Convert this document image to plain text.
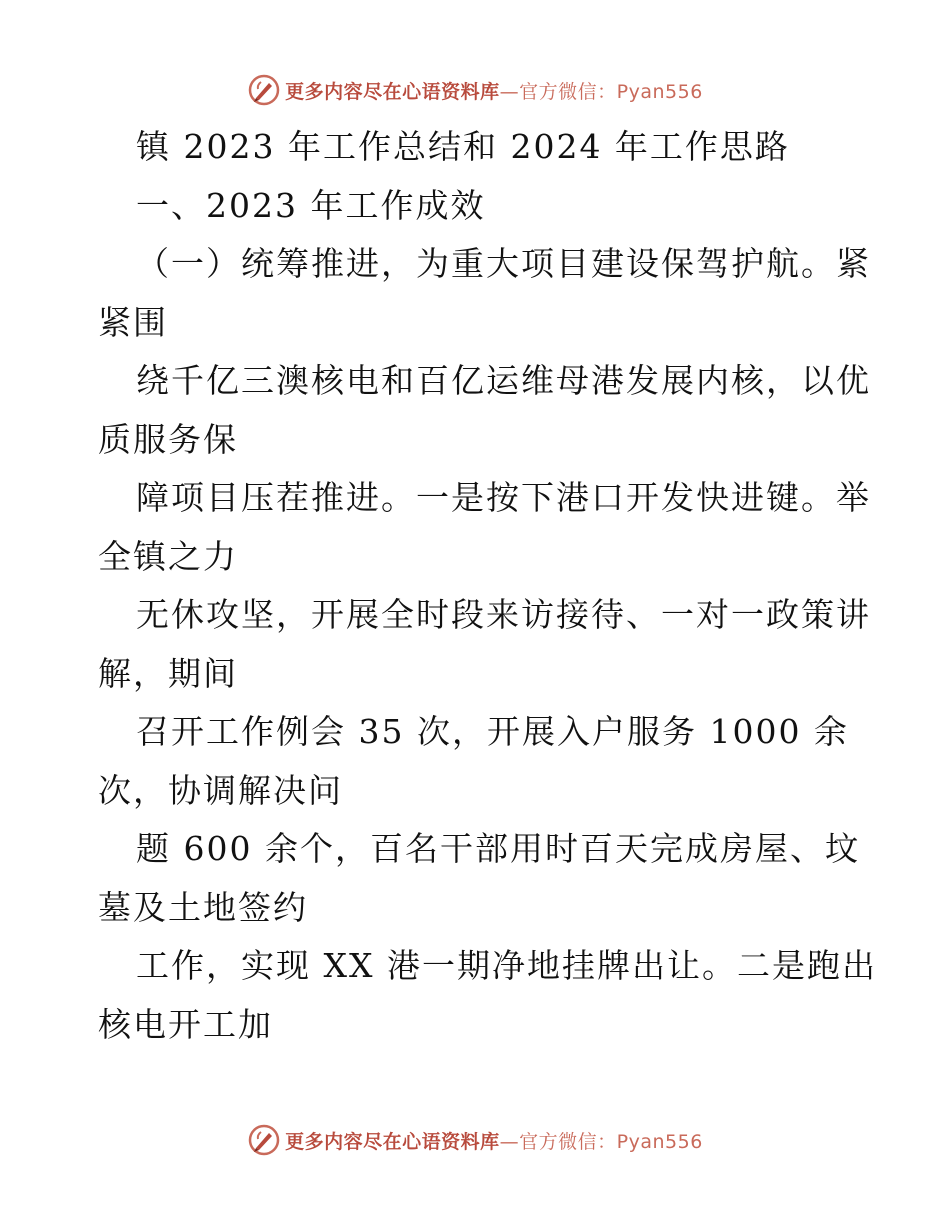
更多内容尽在心语资料库—官方微信：Pyan556
镇 2023 年工作总结和 2024 年工作思路
一、2023 年工作成效
（一）统筹推进，为重大项目建设保驾护航。紧
紧围
绕千亿三澳核电和百亿运维母港发展内核，以优
质服务保
障项目压茬推进。一是按下港口开发快进键。举
全镇之力
无休攻坚，开展全时段来访接待、一对一政策讲
解，期间
召开工作例会 35 次，开展入户服务 1000 余
次，协调解决问
题 600 余个，百名干部用时百天完成房屋、坟
墓及土地签约
工作，实现 XX 港一期净地挂牌出让。二是跑出
核电开工加
更多内容尽在心语资料库—官方微信：Pyan556
